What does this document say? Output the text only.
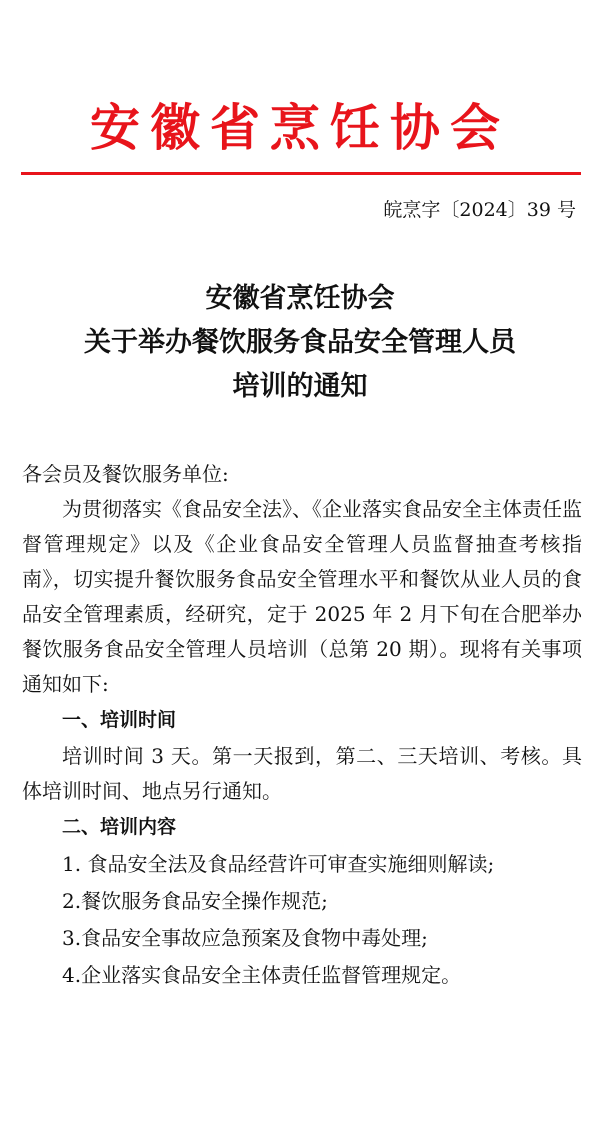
安徽省烹饪协会
皖烹字〔2024〕39 号
安徽省烹饪协会
关于举办餐饮服务食品安全管理人员
培训的通知

各会员及餐饮服务单位:

为贯彻落实《食品安全法》、《企业落实食品安全主体责任监督管理规定》以及《企业食品安全管理人员监督抽查考核指南》，切实提升餐饮服务食品安全管理水平和餐饮从业人员的食品安全管理素质，经研究，定于 2025 年 2 月下旬在合肥举办餐饮服务食品安全管理人员培训（总第 20 期）。现将有关事项通知如下:

一、培训时间

培训时间 3 天。第一天报到，第二、三天培训、考核。具体培训时间、地点另行通知。

二、培训内容

1. 食品安全法及食品经营许可审查实施细则解读;

2.餐饮服务食品安全操作规范;

3.食品安全事故应急预案及食物中毒处理;

4.企业落实食品安全主体责任监督管理规定。
